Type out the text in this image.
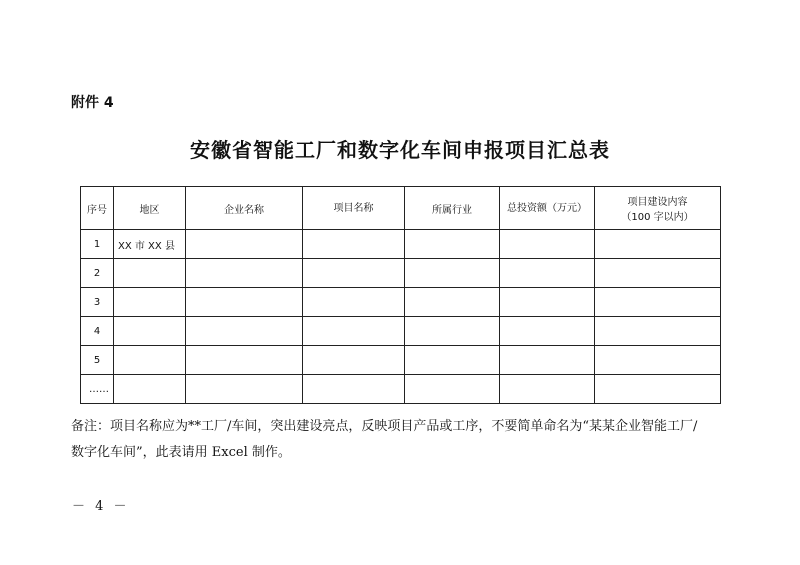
附件 4
安徽省智能工厂和数字化车间申报项目汇总表
序号	地区	企业名称	项目名称	所属行业	总投资额（万元）	项目建设内容
（100 字以内）
1	XX 市 XX 县					
2						
3						
4						
5						
……						
备注：项目名称应为**工厂/车间，突出建设亮点，反映项目产品或工序，不要简单命名为“某某企业智能工厂/
数字化车间”，此表请用 Excel 制作。
－ 4 －
